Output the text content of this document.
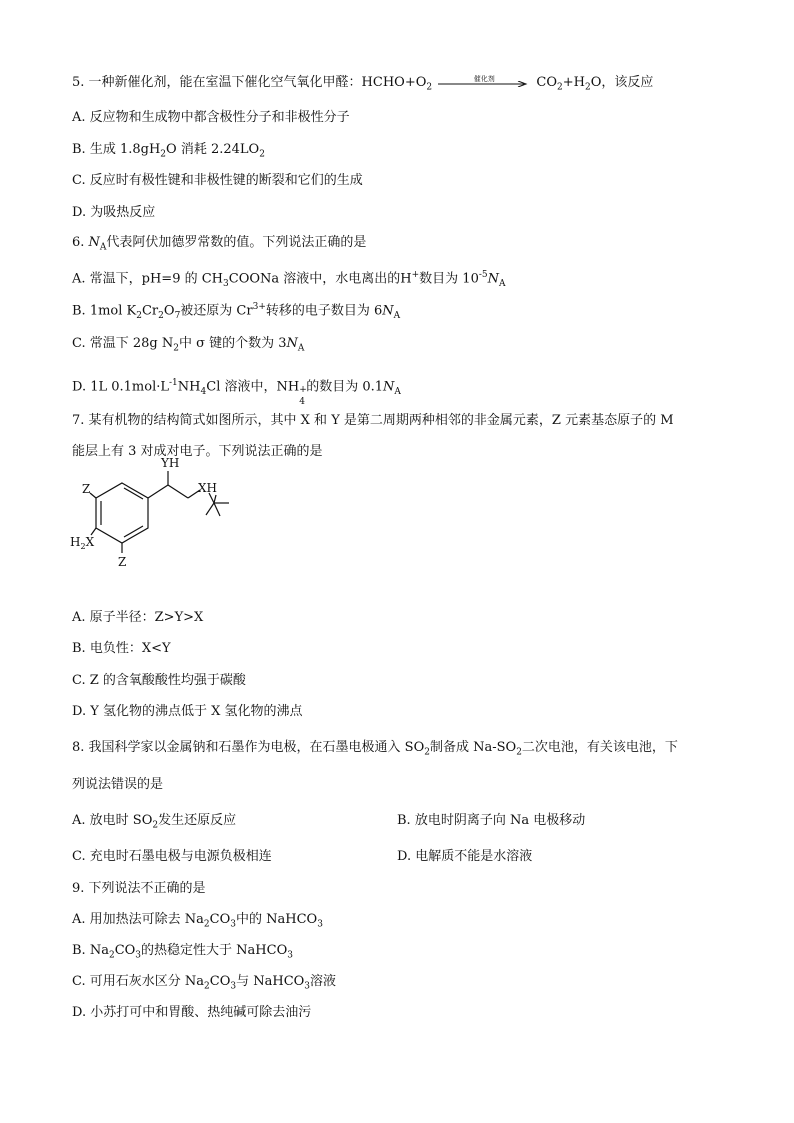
5. 一种新催化剂，能在室温下催化空气氧化甲醛：$HCHO+O_2$
催化剂	$CO_2+H_2O$，该反应
A. 反应物和生成物中都含极性分子和非极性分子
B. 生成 $1.8gH_2O$ 消耗 $2.24LO_2$
C. 反应时有极性键和非极性键的断裂和它们的生成
D. 为吸热反应
6. $N_A$代表阿伏加德罗常数的值。下列说法正确的是
A. 常温下，pH=9 的 $CH_3COONa$ 溶液中，水电离出的H+数目为 $10^{-5}N_A$
B. 1mol $K_2Cr_2O_7$被还原为 $Cr^{3+}$转移的电子数目为 $6N_A$
C. 常温下 28g $N_2$中 σ 键的个数为 $3N_A$
D. 1L $0.1mol\cdot L^{-1}NH_4Cl$ 溶液中，NH +
4
的数目为 $0.1N_A$
7. 某有机物的结构简式如图所示，其中 X 和 Y 是第二周期两种相邻的非金属元素，Z 元素基态原子的 M
能层上有 3 对成对电子。下列说法正确的是
YH
XH
Z
Z
$H_2X$
A. 原子半径：Z>Y>X
B. 电负性：X<Y
C. Z 的含氧酸酸性均强于碳酸
D. Y 氢化物的沸点低于 X 氢化物的沸点
8. 我国科学家以金属钠和石墨作为电极，在石墨电极通入 $SO_2$制备成 $Na-SO_2$二次电池，有关该电池，下
列说法错误的是
A. 放电时 $SO_2$发生还原反应	B. 放电时阴离子向 Na 电极移动
C. 充电时石墨电极与电源负极相连	D. 电解质不能是水溶液
9. 下列说法不正确的是
A. 用加热法可除去 $Na_2CO_3$中的 NaHCO$_3$
B. $Na_2CO_3$的热稳定性大于 NaHCO$_3$
C. 可用石灰水区分 $Na_2CO_3$与 NaHCO$_3$溶液
D. 小苏打可中和胃酸、热纯碱可除去油污
